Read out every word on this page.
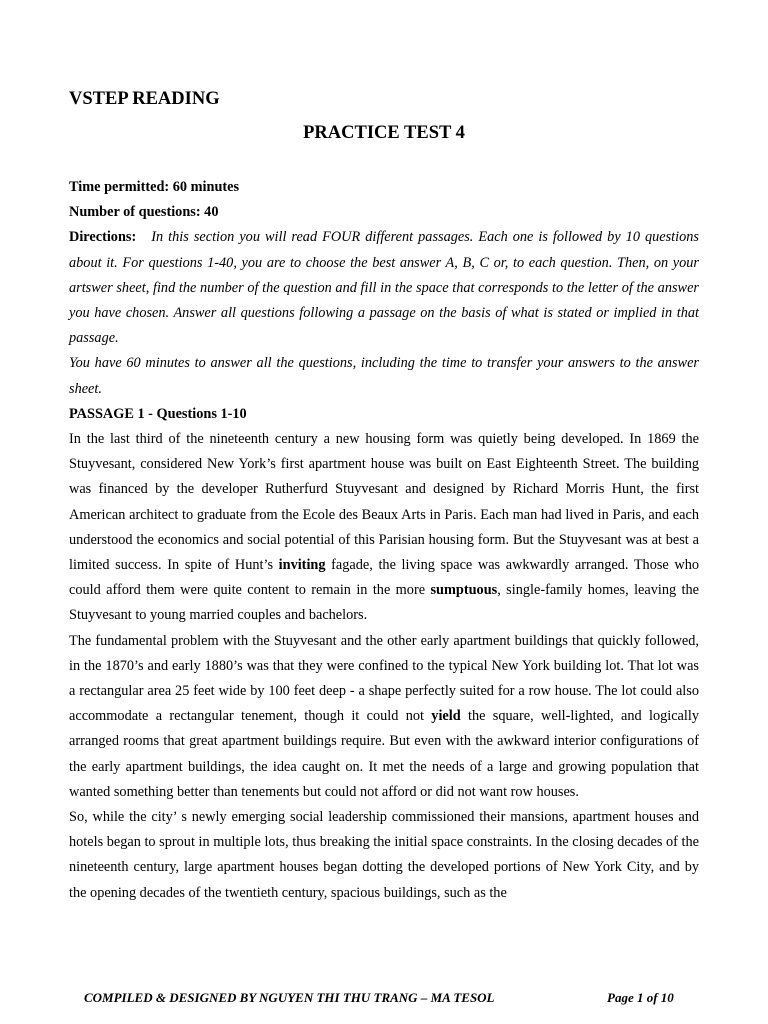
VSTEP READING
PRACTICE TEST 4

Time permitted: 60 minutes

Number of questions: 40

Directions: In this section you will read FOUR different passages. Each one is followed by 10 questions about it. For questions 1-40, you are to choose the best answer A, B, C or, to each question. Then, on your artswer sheet, find the number of the question and fill in the space that corresponds to the letter of the answer you have chosen. Answer all questions following a passage on the basis of what is stated or implied in that passage.

You have 60 minutes to answer all the questions, including the time to transfer your answers to the answer sheet.

PASSAGE 1 - Questions 1-10

In the last third of the nineteenth century a new housing form was quietly being developed. In 1869 the Stuyvesant, considered New York’s first apartment house was built on East Eighteenth Street. The building was financed by the developer Rutherfurd Stuyvesant and designed by Richard Morris Hunt, the first American architect to graduate from the Ecole des Beaux Arts in Paris. Each man had lived in Paris, and each understood the economics and social potential of this Parisian housing form. But the Stuyvesant was at best a limited success. In spite of Hunt’s inviting fagade, the living space was awkwardly arranged. Those who could afford them were quite content to remain in the more sumptuous, single-family homes, leaving the Stuyvesant to young married couples and bachelors.

The fundamental problem with the Stuyvesant and the other early apartment buildings that quickly followed, in the 1870’s and early 1880’s was that they were confined to the typical New York building lot. That lot was a rectangular area 25 feet wide by 100 feet deep - a shape perfectly suited for a row house. The lot could also accommodate a rectangular tenement, though it could not yield the square, well-lighted, and logically arranged rooms that great apartment buildings require. But even with the awkward interior configurations of the early apartment buildings, the idea caught on. It met the needs of a large and growing population that wanted something better than tenements but could not afford or did not want row houses.

So, while the city’ s newly emerging social leadership commissioned their mansions, apartment houses and hotels began to sprout in multiple lots, thus breaking the initial space constraints. In the closing decades of the nineteenth century, large apartment houses began dotting the developed portions of New York City, and by the opening decades of the twentieth century, spacious buildings, such as the

COMPILED & DESIGNED BY NGUYEN THI THU TRANG – MA TESOL	Page 1 of 10
